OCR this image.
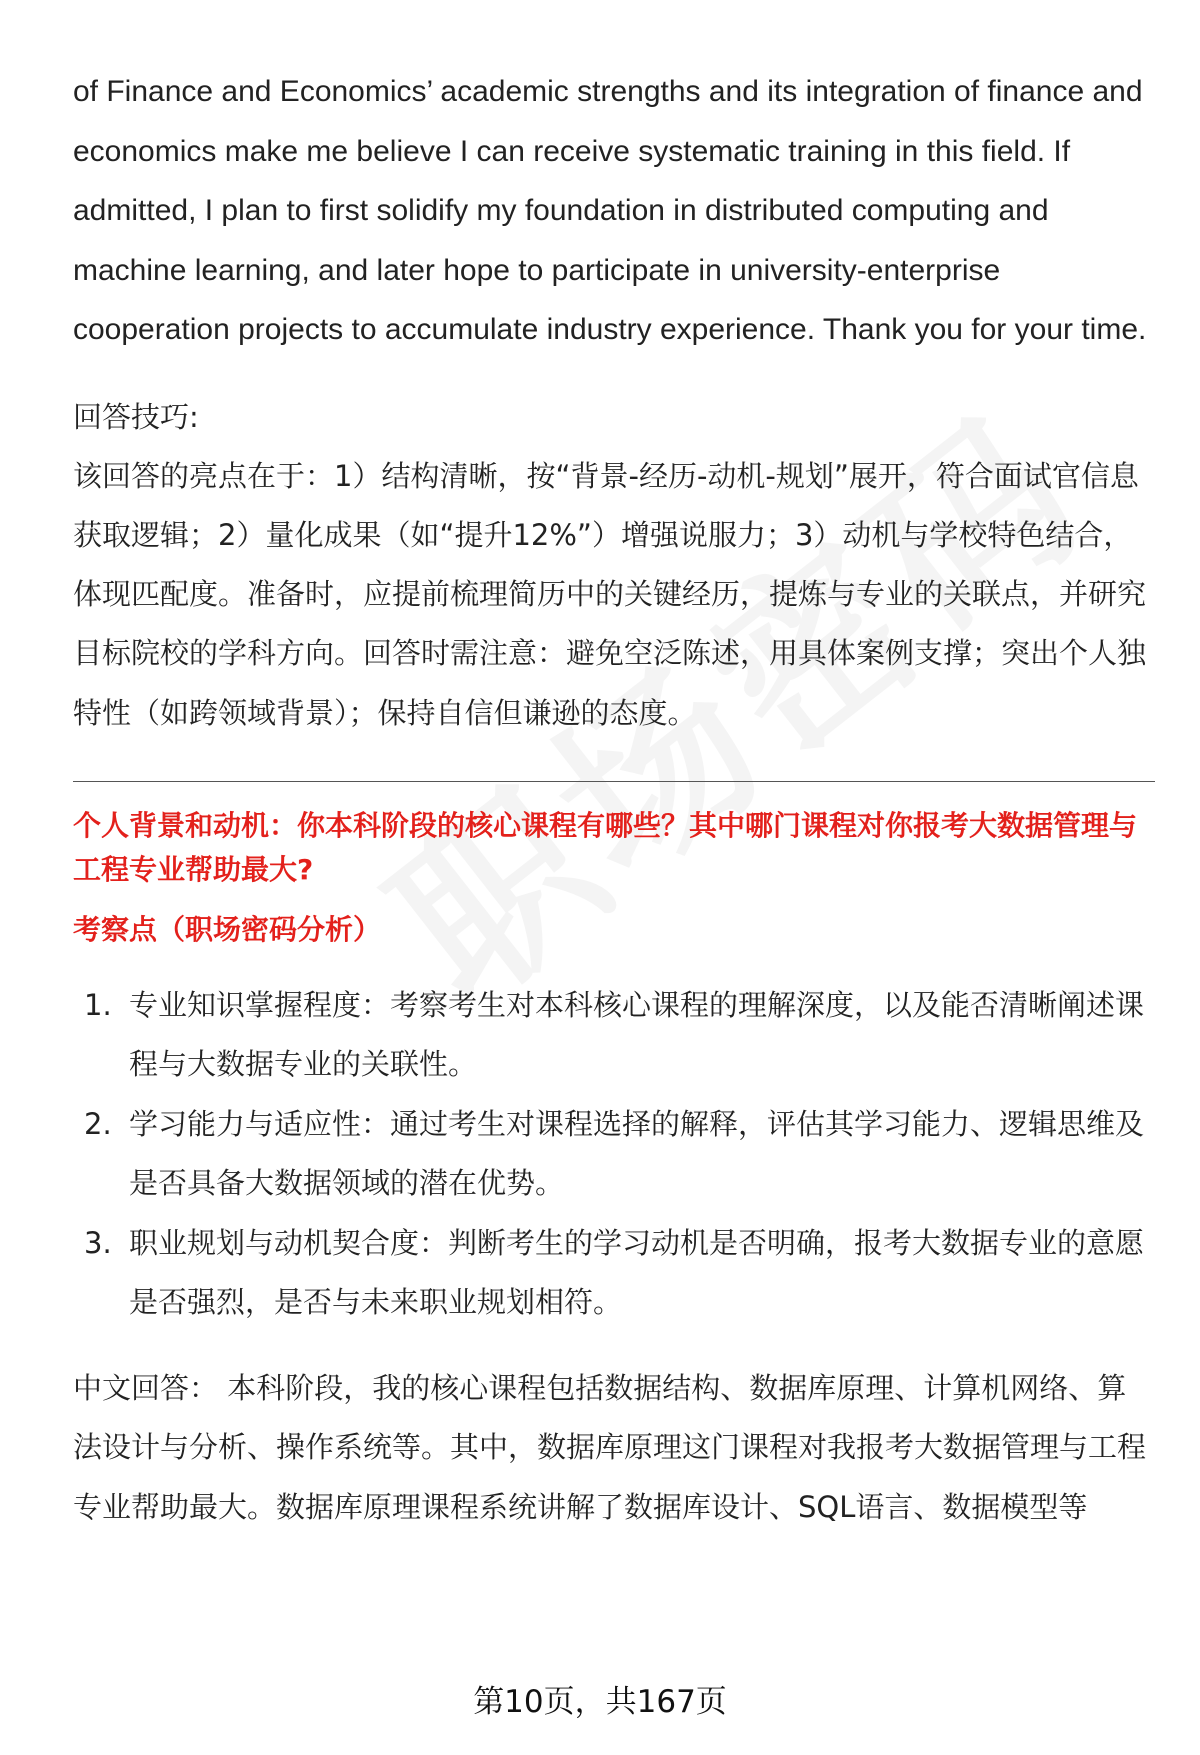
of Finance and Economics’ academic strengths and its integration of finance and economics make me believe I can receive systematic training in this field. If admitted, I plan to first solidify my foundation in distributed computing and machine learning, and later hope to participate in university-enterprise cooperation projects to accumulate industry experience. Thank you for your time.

回答技巧:

该回答的亮点在于：1）结构清晰，按“背景-经历-动机-规划”展开，符合面试官信息获取逻辑；2）量化成果（如“提升12%”）增强说服力；3）动机与学校特色结合，体现匹配度。准备时，应提前梳理简历中的关键经历，提炼与专业的关联点，并研究目标院校的学科方向。回答时需注意：避免空泛陈述，用具体案例支撑；突出个人独特性（如跨领域背景）；保持自信但谦逊的态度。

个人背景和动机：你本科阶段的核心课程有哪些？其中哪门课程对你报考大数据管理与工程专业帮助最大?
考察点（职场密码分析）
1. 专业知识掌握程度：考察考生对本科核心课程的理解深度，以及能否清晰阐述课程与大数据专业的关联性。
2. 学习能力与适应性：通过考生对课程选择的解释，评估其学习能力、逻辑思维及是否具备大数据领域的潜在优势。
3. 职业规划与动机契合度：判断考生的学习动机是否明确，报考大数据专业的意愿是否强烈，是否与未来职业规划相符。
中文回答： 本科阶段，我的核心课程包括数据结构、数据库原理、计算机网络、算法设计与分析、操作系统等。其中，数据库原理这门课程对我报考大数据管理与工程专业帮助最大。数据库原理课程系统讲解了数据库设计、SQL语言、数据模型等
第10页，共167页
